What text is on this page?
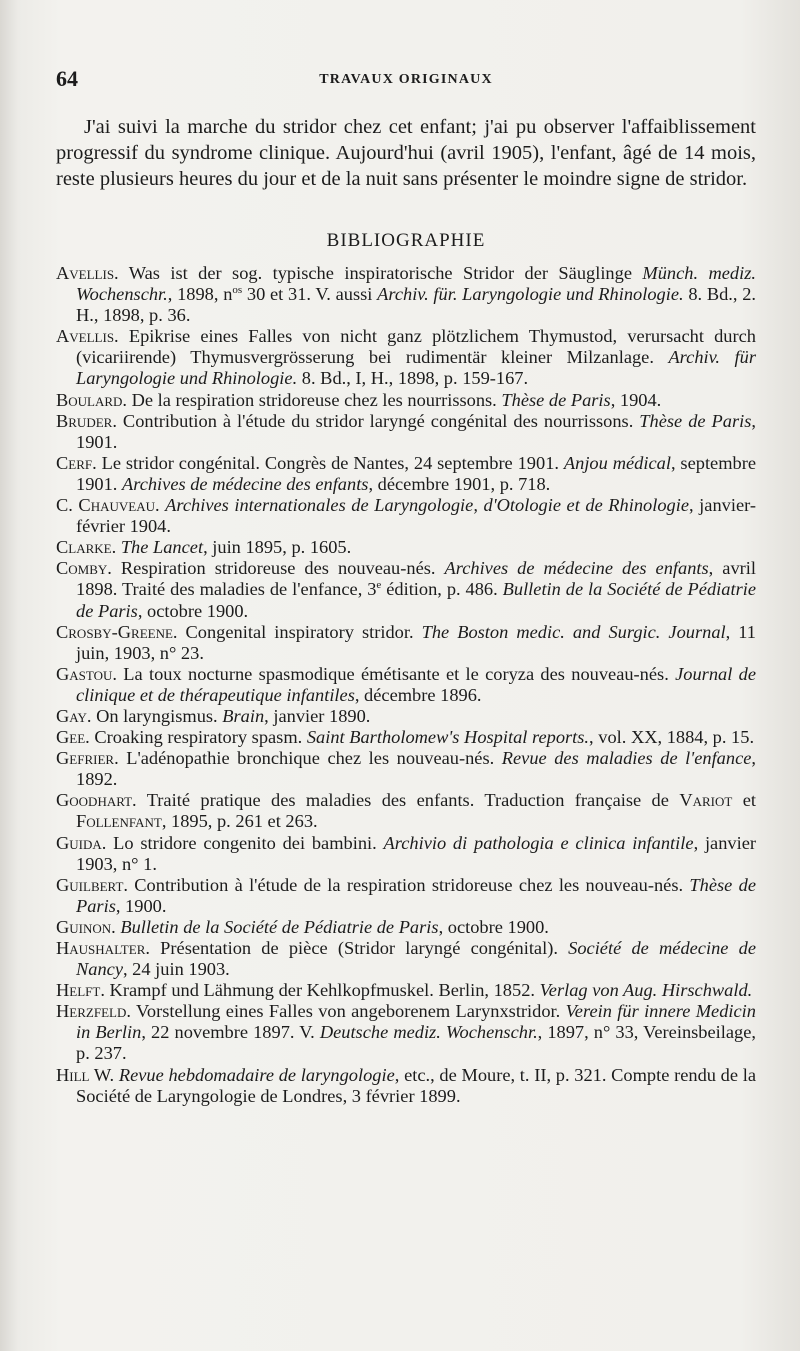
64	TRAVAUX ORIGINAUX

J'ai suivi la marche du stridor chez cet enfant; j'ai pu observer l'affaiblissement progressif du syndrome clinique. Aujourd'hui (avril 1905), l'enfant, âgé de 14 mois, reste plusieurs heures du jour et de la nuit sans présenter le moindre signe de stridor.

BIBLIOGRAPHIE

Avellis. Was ist der sog. typische inspiratorische Stridor der Säuglinge Münch. mediz. Wochenschr., 1898, $n^{os}$ 30 et 31. V. aussi Archiv. für. Laryngologie und Rhinologie. 8. Bd., 2. H., 1898, p. 36.

Avellis. Epikrise eines Falles von nicht ganz plötzlichem Thymustod, verursacht durch (vicariirende) Thymusvergrösserung bei rudimentär kleiner Milzanlage. Archiv. für Laryngologie und Rhinologie. 8. Bd., I, H., 1898, p. 159-167.

Boulard. De la respiration stridoreuse chez les nourrissons. Thèse de Paris, 1904.

Bruder. Contribution à l'étude du stridor laryngé congénital des nourrissons. Thèse de Paris, 1901.

Cerf. Le stridor congénital. Congrès de Nantes, 24 septembre 1901. Anjou médical, septembre 1901. Archives de médecine des enfants, décembre 1901, p. 718.

C. Chauveau. Archives internationales de Laryngologie, d'Otologie et de Rhinologie, janvier-février 1904.

Clarke. The Lancet, juin 1895, p. 1605.

Comby. Respiration stridoreuse des nouveau-nés. Archives de médecine des enfants, avril 1898. Traité des maladies de l'enfance, 3e édition, p. 486. Bulletin de la Société de Pédiatrie de Paris, octobre 1900.

Crosby-Greene. Congenital inspiratory stridor. The Boston medic. and Surgic. Journal, 11 juin, 1903, n° 23.

Gastou. La toux nocturne spasmodique émétisante et le coryza des nouveau-nés. Journal de clinique et de thérapeutique infantiles, décembre 1896.

Gay. On laryngismus. Brain, janvier 1890.

Gee. Croaking respiratory spasm. Saint Bartholomew's Hospital reports., vol. XX, 1884, p. 15.

Gefrier. L'adénopathie bronchique chez les nouveau-nés. Revue des maladies de l'enfance, 1892.

Goodhart. Traité pratique des maladies des enfants. Traduction française de Variot et Follenfant, 1895, p. 261 et 263.

Guida. Lo stridore congenito dei bambini. Archivio di pathologia e clinica infantile, janvier 1903, n° 1.

Guilbert. Contribution à l'étude de la respiration stridoreuse chez les nouveau-nés. Thèse de Paris, 1900.

Guinon. Bulletin de la Société de Pédiatrie de Paris, octobre 1900.

Haushalter. Présentation de pièce (Stridor laryngé congénital). Société de médecine de Nancy, 24 juin 1903.

Helft. Krampf und Lähmung der Kehlkopfmuskel. Berlin, 1852. Verlag von Aug. Hirschwald.

Herzfeld. Vorstellung eines Falles von angeborenem Larynxstridor. Verein für innere Medicin in Berlin, 22 novembre 1897. V. Deutsche mediz. Wochenschr., 1897, n° 33, Vereinsbeilage, p. 237.

Hill W. Revue hebdomadaire de laryngologie, etc., de Moure, t. II, p. 321. Compte rendu de la Société de Laryngologie de Londres, 3 février 1899.
